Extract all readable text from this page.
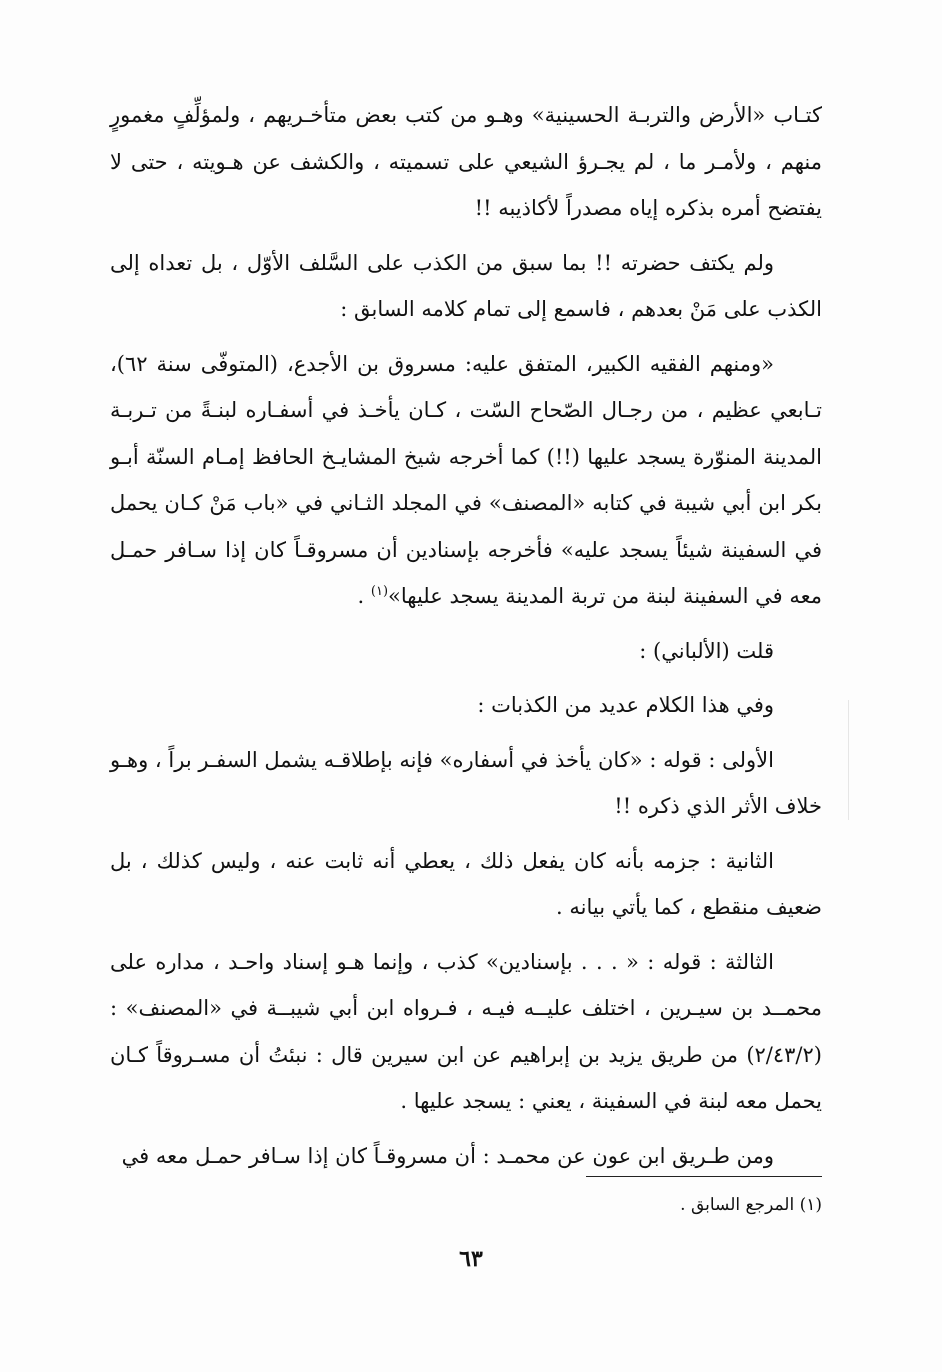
كتـاب «الأرض والتربـة الحسينية» وهـو من كتب بعض متأخـريهم ، ولمؤلِّفٍ مغمورٍ منهم ، ولأمـر ما ، لم يجـرؤ الشيعي على تسميته ، والكشف عن هـويته ، حتى لا يفتضح أمره بذكره إياه مصدراً لأكاذيبه !!

ولم يكتف حضرته !! بما سبق من الكذب على السَّلف الأوّل ، بل تعداه إلى الكذب على مَنْ بعدهم ، فاسمع إلى تمام كلامه السابق :

«ومنهم الفقيه الكبير، المتفق عليه: مسروق بن الأجدع، (المتوفّى سنة ٦٢)، تـابعي عظيم ، من رجـال الصّحاح السّت ، كـان يأخـذ في أسفـاره لبنـةً من تـربـة المدينة المنوّرة يسجد عليها (!!) كما أخرجه شيخ المشايـخ الحافظ إمـام السنّة أبـو بكر ابن أبي شيبة في كتابه «المصنف» في المجلد الثـاني في «باب مَنْ كـان يحمل في السفينة شيئاً يسجد عليه» فأخرجه بإسنادين أن مسروقـاً كان إذا سـافر حمـل معه في السفينة لبنة من تربة المدينة يسجد عليها»$^{(١)}$ .

قلت (الألباني) :

وفي هذا الكلام عديد من الكذبات :

الأولى : قوله : «كان يأخذ في أسفاره» فإنه بإطلاقـه يشمل السفـر براً ، وهـو خلاف الأثر الذي ذكره !!

الثانية : جزمه بأنه كان يفعل ذلك ، يعطي أنه ثابت عنه ، وليس كذلك ، بل ضعيف منقطع ، كما يأتي بيانه .

الثالثة : قوله : « . . . بإسنادين» كذب ، وإنما هـو إسناد واحـد ، مداره على محمــد بن سيـرين ، اختلف عليــه فيـه ، فـرواه ابن أبي شيبــة في «المصنف» : (٢/٤٣/٢) من طريق يزيد بن إبراهيم عن ابن سيرين قال : نبئتُ أن مسـروقاً كـان يحمل معه لبنة في السفينة ، يعني : يسجد عليها .

ومن طـريق ابن عون عن محمـد : أن مسروقـاً كان إذا سـافر حمـل معه في

(١) المرجع السابق .
٦٣
